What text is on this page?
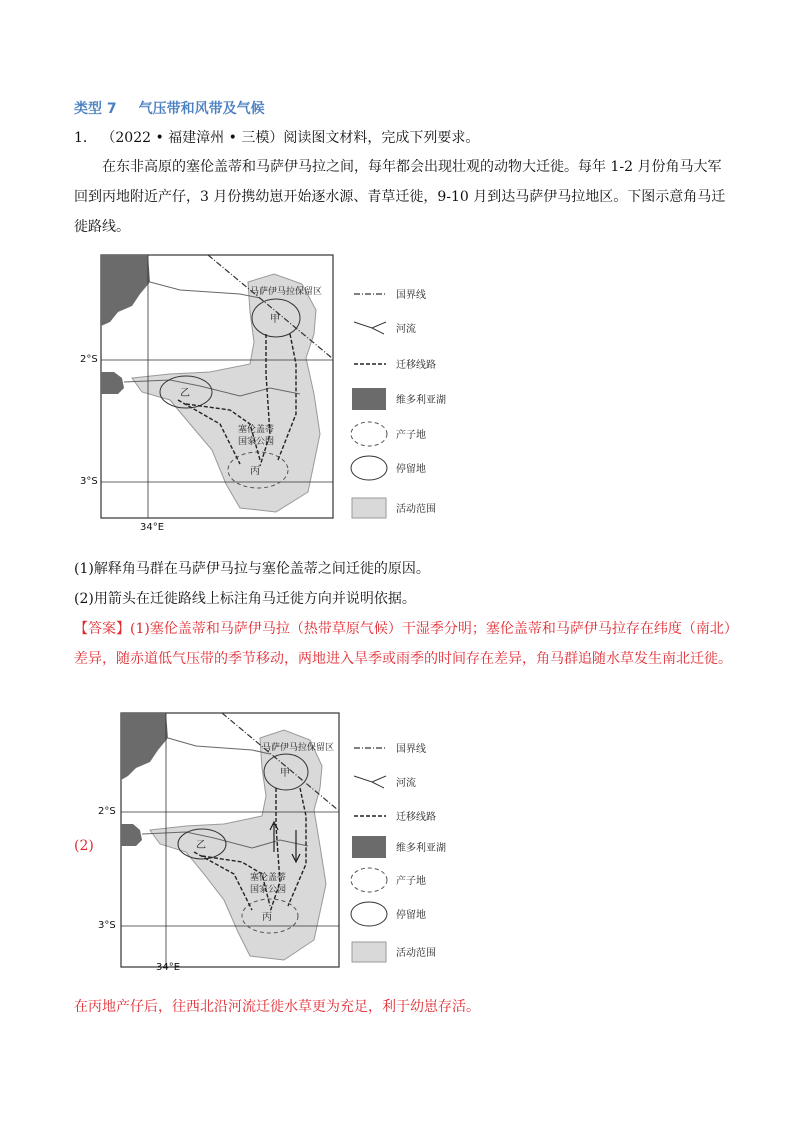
类型 7 气压带和风带及气候
1． （2022 • 福建漳州 • 三模）阅读图文材料，完成下列要求。
在东非高原的塞伦盖蒂和马萨伊马拉之间，每年都会出现壮观的动物大迁徙。每年 1-2 月份角马大军回到丙地附近产仔，3 月份携幼崽开始逐水源、青草迁徙，9-10 月到达马萨伊马拉地区。下图示意角马迁徙路线。
马萨伊马拉保留区
甲
乙
丙
塞伦盖蒂
国家公园
国界线
河流
迁移线路
维多利亚湖
产子地
停留地
活动范围
2°S
3°S
34°E
(1)解释角马群在马萨伊马拉与塞伦盖蒂之间迁徙的原因。
(2)用箭头在迁徙路线上标注角马迁徙方向并说明依据。
【答案】(1)塞伦盖蒂和马萨伊马拉（热带草原气候）干湿季分明；塞伦盖蒂和马萨伊马拉存在纬度（南北）差异，随赤道低气压带的季节移动，两地进入旱季或雨季的时间存在差异，角马群追随水草发生南北迁徙。
(2)
马萨伊马拉保留区
甲
乙
丙
塞伦盖蒂
国家公园
国界线
河流
迁移线路
维多利亚湖
产子地
停留地
活动范围
2°S
3°S
34°E
在丙地产仔后，往西北沿河流迁徙水草更为充足，利于幼崽存活。
